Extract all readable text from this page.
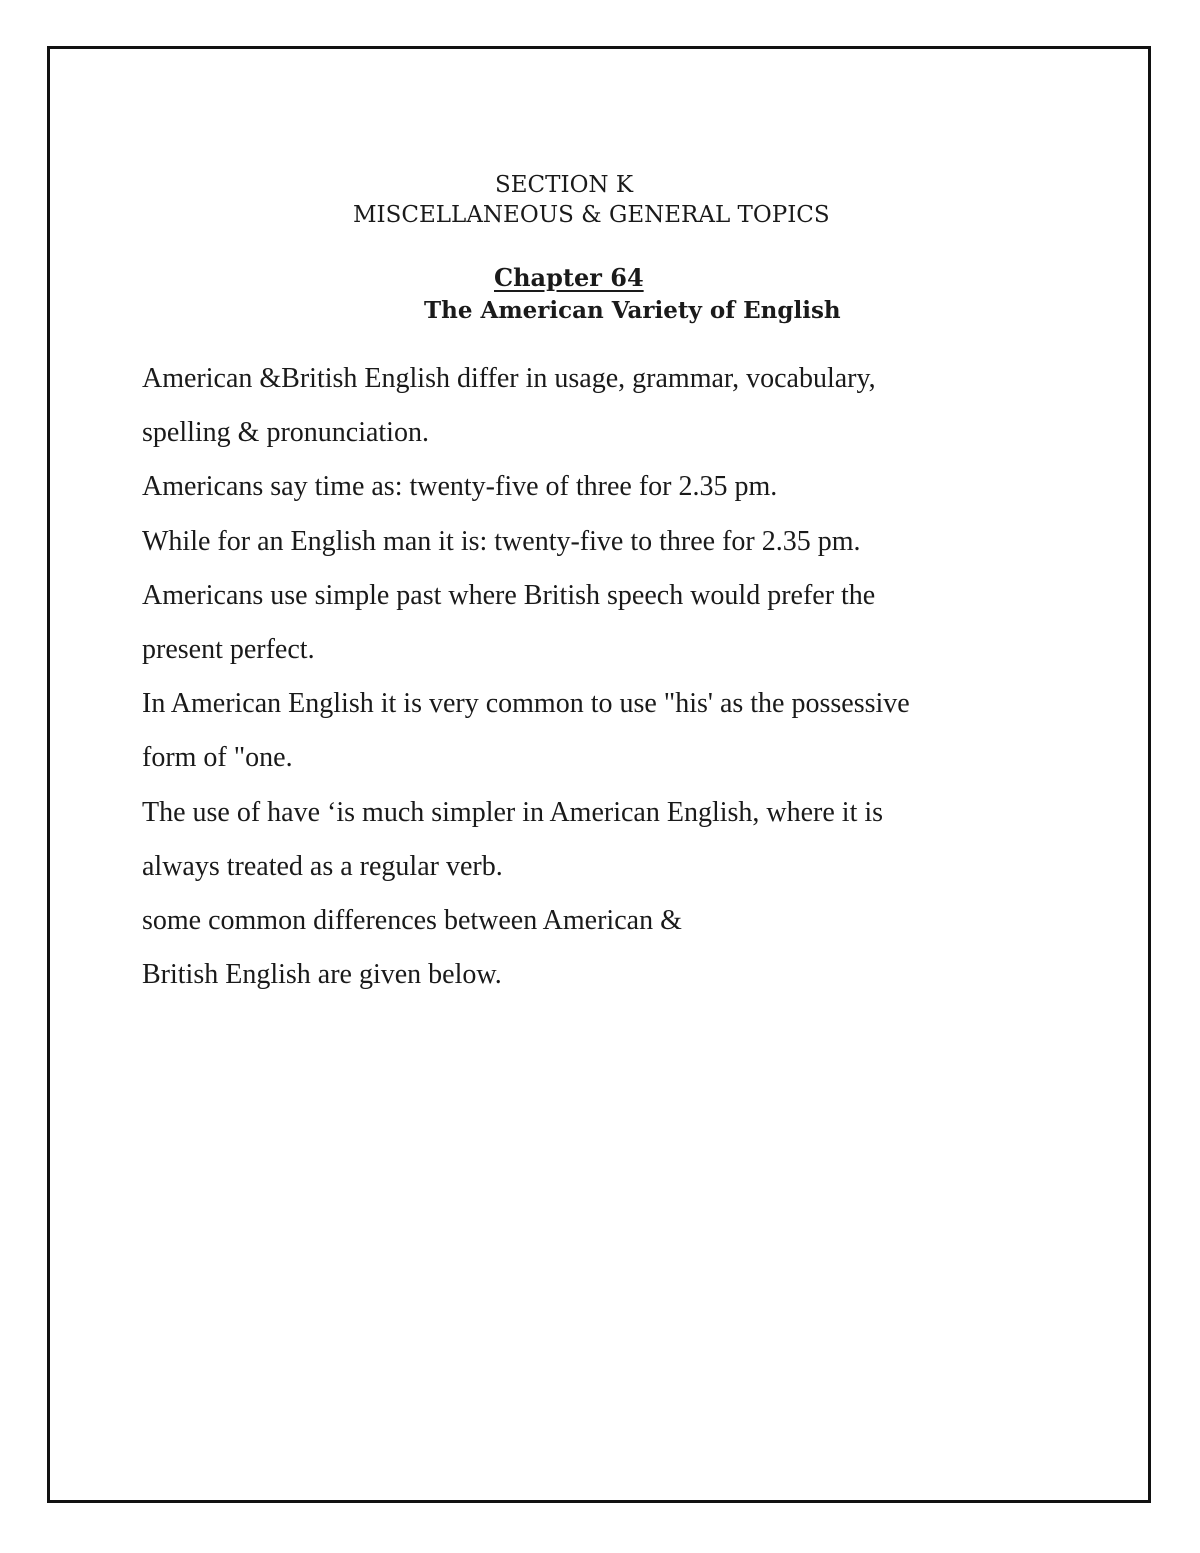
SECTION K
MISCELLANEOUS & GENERAL TOPICS
Chapter 64
The American Variety of English
American &British English differ in usage, grammar, vocabulary,
spelling & pronunciation.
Americans say time as: twenty-five of three for 2.35 pm.
While for an English man it is: twenty-five to three for 2.35 pm.
Americans use simple past where British speech would prefer the
present perfect.
In American English it is very common to use "his' as the possessive
form of "one.
The use of have ‘is much simpler in American English, where it is
always treated as a regular verb.
some common differences between American &
British English are given below.
